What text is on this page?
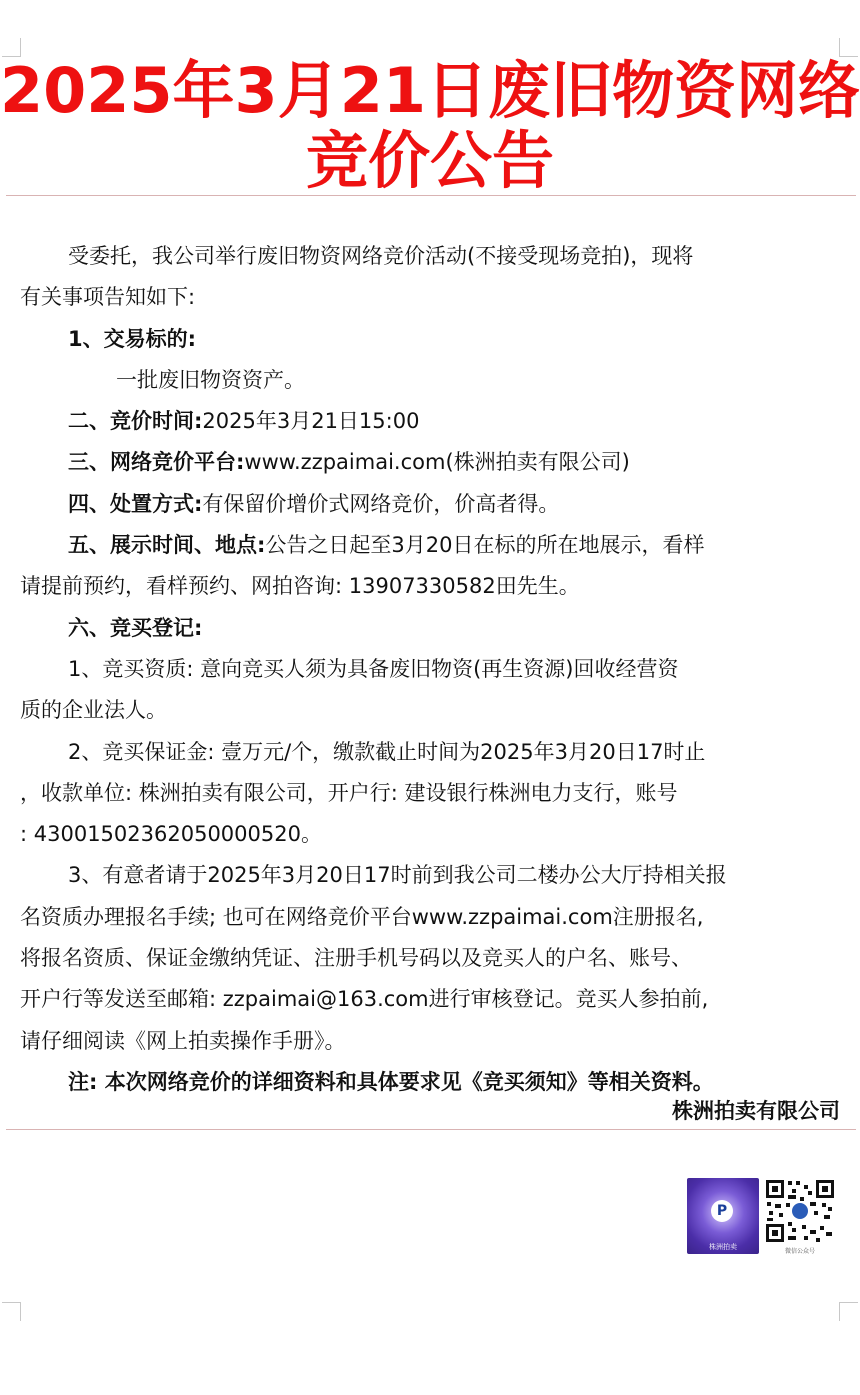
2025年3月21日废旧物资网络
竞价公告
受委托，我公司举行废旧物资网络竞价活动(不接受现场竞拍)，现将
有关事项告知如下:
1、交易标的:
一批废旧物资资产。
二、竞价时间:2025年3月21日15:00
三、网络竞价平台:www.zzpaimai.com(株洲拍卖有限公司)
四、处置方式:有保留价增价式网络竞价，价高者得。
五、展示时间、地点:公告之日起至3月20日在标的所在地展示，看样
请提前预约，看样预约、网拍咨询: 13907330582田先生。
六、竞买登记:
1、竞买资质: 意向竞买人须为具备废旧物资(再生资源)回收经营资
质的企业法人。
2、竞买保证金: 壹万元/个，缴款截止时间为2025年3月20日17时止
，收款单位: 株洲拍卖有限公司，开户行: 建设银行株洲电力支行，账号
: 43001502362050000520。
3、有意者请于2025年3月20日17时前到我公司二楼办公大厅持相关报
名资质办理报名手续; 也可在网络竞价平台www.zzpaimai.com注册报名,
将报名资质、保证金缴纳凭证、注册手机号码以及竞买人的户名、账号、
开户行等发送至邮箱: zzpaimai@163.com进行审核登记。竞买人参拍前,
请仔细阅读《网上拍卖操作手册》。
注: 本次网络竞价的详细资料和具体要求见《竞买须知》等相关资料。
株洲拍卖有限公司
P
株洲拍卖
微信公众号
